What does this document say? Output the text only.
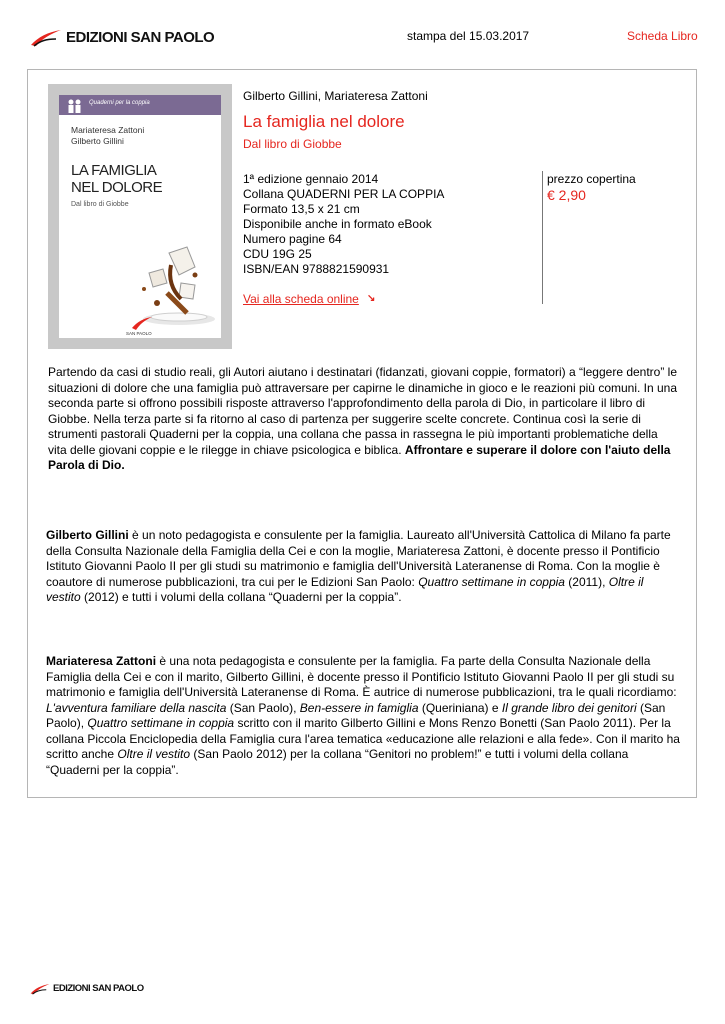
EDIZIONI SAN PAOLO	stampa del 15.03.2017	Scheda Libro
Quaderni per la coppia
Mariateresa Zattoni
Gilberto Gillini
LA FAMIGLIA
NEL DOLORE
Dal libro di Giobbe
SAN PAOLO
Gilberto Gillini, Mariateresa Zattoni
La famiglia nel dolore
Dal libro di Giobbe
1ª edizione gennaio 2014
Collana QUADERNI PER LA COPPIA
Formato 13,5 x 21 cm
Disponibile anche in formato eBook
Numero pagine 64
CDU 19G 25
ISBN/EAN 9788821590931
Vai alla scheda online ↘
prezzo copertina
€ 2,90

Partendo da casi di studio reali, gli Autori aiutano i destinatari (fidanzati, giovani coppie, formatori) a “leggere dentro” le situazioni di dolore che una famiglia può attraversare per capirne le dinamiche in gioco e le reazioni più comuni. In una seconda parte si offrono possibili risposte attraverso l'approfondimento della parola di Dio, in particolare il libro di Giobbe. Nella terza parte si fa ritorno al caso di partenza per suggerire scelte concrete. Continua così la serie di strumenti pastorali Quaderni per la coppia, una collana che passa in rassegna le più importanti problematiche della vita delle giovani coppie e le rilegge in chiave psicologica e biblica. Affrontare e superare il dolore con l'aiuto della Parola di Dio.

Gilberto Gillini è un noto pedagogista e consulente per la famiglia. Laureato all'Università Cattolica di Milano fa parte della Consulta Nazionale della Famiglia della Cei e con la moglie, Mariateresa Zattoni, è docente presso il Pontificio Istituto Giovanni Paolo II per gli studi su matrimonio e famiglia dell'Università Lateranense di Roma. Con la moglie è coautore di numerose pubblicazioni, tra cui per le Edizioni San Paolo: Quattro settimane in coppia (2011), Oltre il vestito (2012) e tutti i volumi della collana “Quaderni per la coppia”.

Mariateresa Zattoni è una nota pedagogista e consulente per la famiglia. Fa parte della Consulta Nazionale della Famiglia della Cei e con il marito, Gilberto Gillini, è docente presso il Pontificio Istituto Giovanni Paolo II per gli studi su matrimonio e famiglia dell'Università Lateranense di Roma. È autrice di numerose pubblicazioni, tra le quali ricordiamo: L'avventura familiare della nascita (San Paolo), Ben-essere in famiglia (Queriniana) e Il grande libro dei genitori (San Paolo), Quattro settimane in coppia scritto con il marito Gilberto Gillini e Mons Renzo Bonetti (San Paolo 2011). Per la collana Piccola Enciclopedia della Famiglia cura l'area tematica «educazione alle relazioni e alla fede». Con il marito ha scritto anche Oltre il vestito (San Paolo 2012) per la collana “Genitori no problem!” e tutti i volumi della collana “Quaderni per la coppia”.

EDIZIONI SAN PAOLO
